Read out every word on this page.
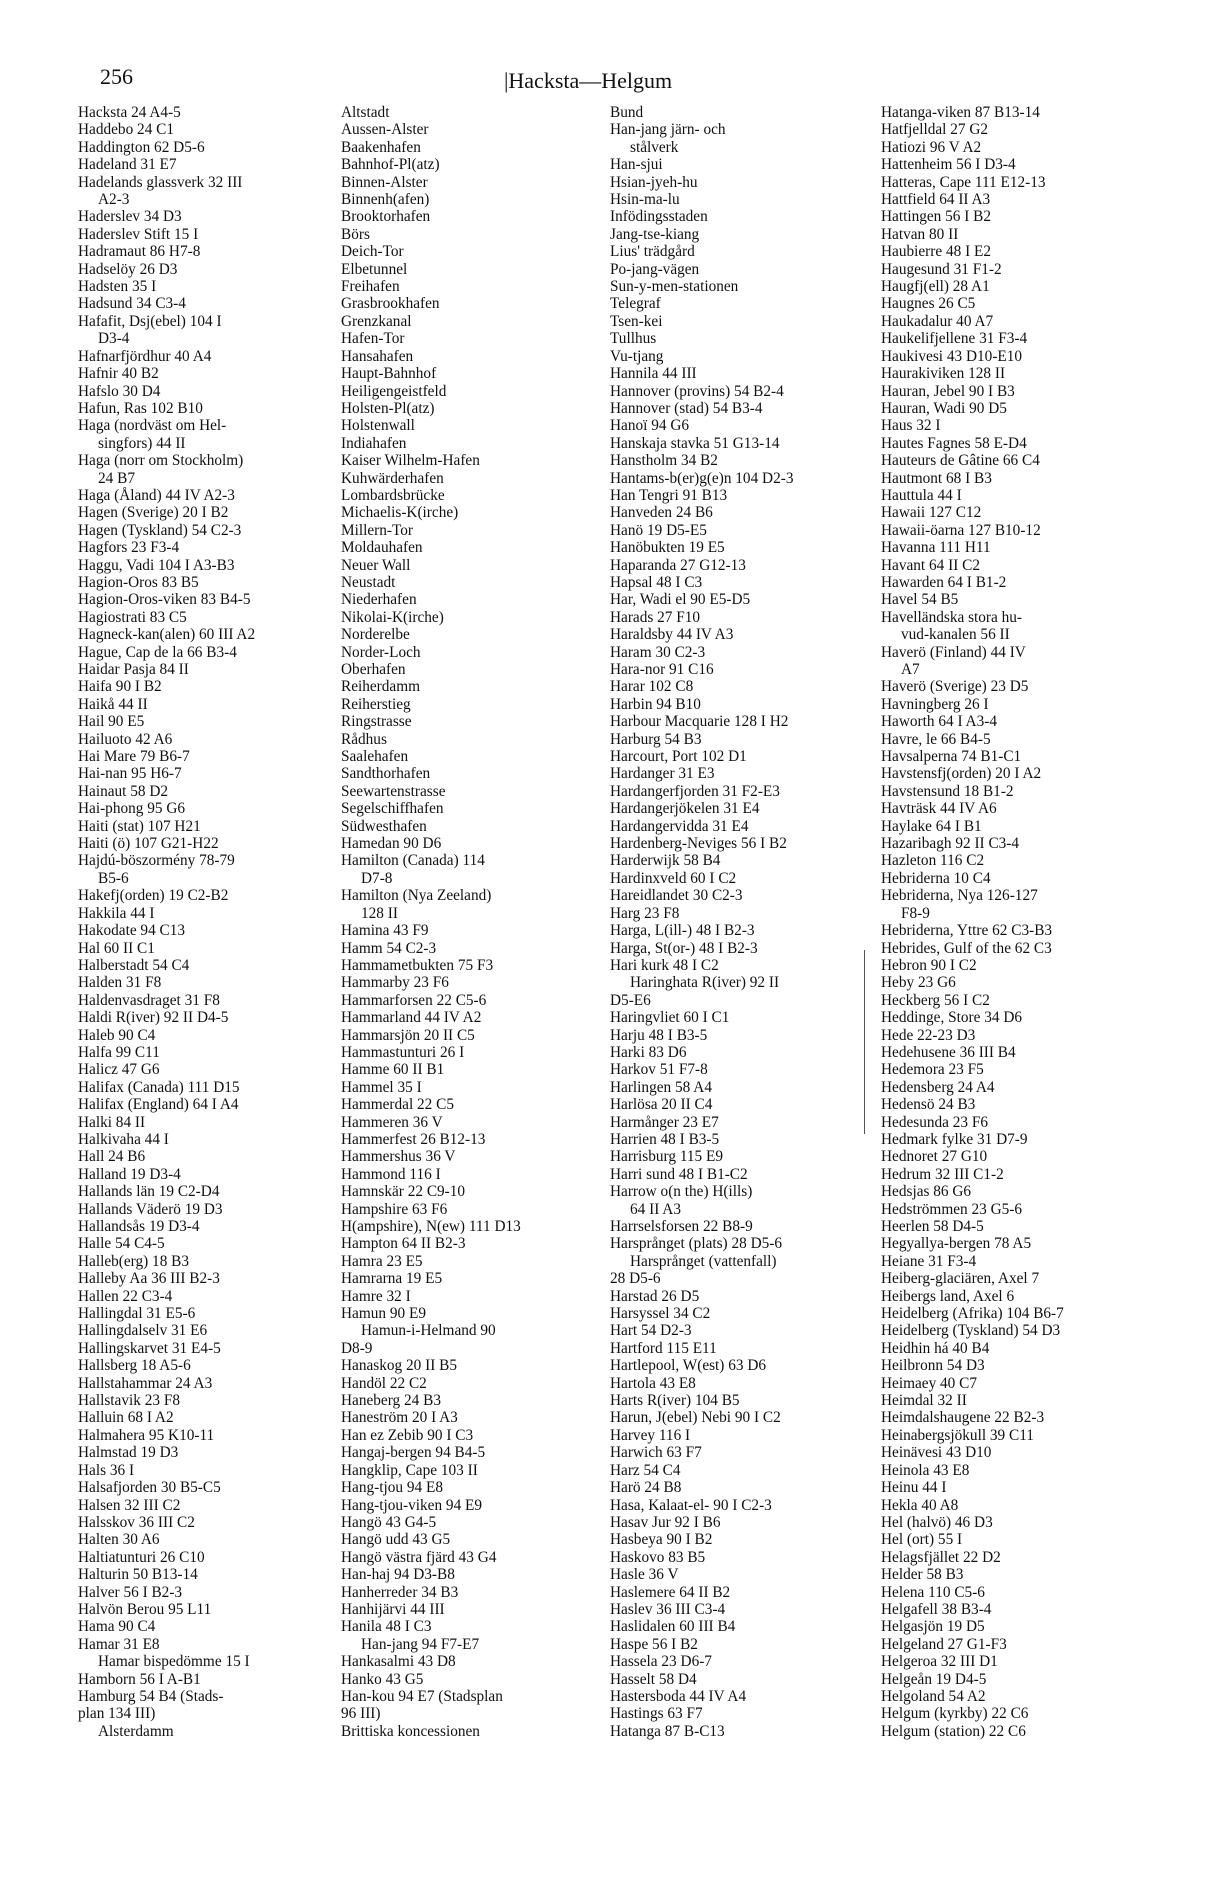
256	|Hacksta—Helgum
Hacksta 24 A4-5
Haddebo 24 C1
Haddington 62 D5-6
Hadeland 31 E7
Hadelands glassverk 32 III
A2-3
Haderslev 34 D3
Haderslev Stift 15 I
Hadramaut 86 H7-8
Hadselöy 26 D3
Hadsten 35 I
Hadsund 34 C3-4
Hafafit, Dsj(ebel) 104 I
D3-4
Hafnarfjördhur 40 A4
Hafnir 40 B2
Hafslo 30 D4
Hafun, Ras 102 B10
Haga (nordväst om Hel-
singfors) 44 II
Haga (norr om Stockholm)
24 B7
Haga (Åland) 44 IV A2-3
Hagen (Sverige) 20 I B2
Hagen (Tyskland) 54 C2-3
Hagfors 23 F3-4
Haggu, Vadi 104 I A3-B3
Hagion-Oros 83 B5
Hagion-Oros-viken 83 B4-5
Hagiostrati 83 C5
Hagneck-kan(alen) 60 III A2
Hague, Cap de la 66 B3-4
Haidar Pasja 84 II
Haifa 90 I B2
Haikå 44 II
Hail 90 E5
Hailuoto 42 A6
Hai Mare 79 B6-7
Hai-nan 95 H6-7
Hainaut 58 D2
Hai-phong 95 G6
Haiti (stat) 107 H21
Haiti (ö) 107 G21-H22
Hajdú-böszormény 78-79
B5-6
Hakefj(orden) 19 C2-B2
Hakkila 44 I
Hakodate 94 C13
Hal 60 II C1
Halberstadt 54 C4
Halden 31 F8
Haldenvasdraget 31 F8
Haldi R(iver) 92 II D4-5
Haleb 90 C4
Halfa 99 C11
Halicz 47 G6
Halifax (Canada) 111 D15
Halifax (England) 64 I A4
Halki 84 II
Halkivaha 44 I
Hall 24 B6
Halland 19 D3-4
Hallands län 19 C2-D4
Hallands Väderö 19 D3
Hallandsås 19 D3-4
Halle 54 C4-5
Halleb(erg) 18 B3
Halleby Aa 36 III B2-3
Hallen 22 C3-4
Hallingdal 31 E5-6
Hallingdalselv 31 E6
Hallingskarvet 31 E4-5
Hallsberg 18 A5-6
Hallstahammar 24 A3
Hallstavik 23 F8
Halluin 68 I A2
Halmahera 95 K10-11
Halmstad 19 D3
Hals 36 I
Halsafjorden 30 B5-C5
Halsen 32 III C2
Halsskov 36 III C2
Halten 30 A6
Haltiatunturi 26 C10
Halturin 50 B13-14
Halver 56 I B2-3
Halvön Berou 95 L11
Hama 90 C4
Hamar 31 E8
Hamar bispedömme 15 I
Hamborn 56 I A-B1
Hamburg 54 B4 (Stads-
plan 134 III)
Alsterdamm
Altstadt
Aussen-Alster
Baakenhafen
Bahnhof-Pl(atz)
Binnen-Alster
Binnenh(afen)
Brooktorhafen
Börs
Deich-Tor
Elbetunnel
Freihafen
Grasbrookhafen
Grenzkanal
Hafen-Tor
Hansahafen
Haupt-Bahnhof
Heiligengeistfeld
Holsten-Pl(atz)
Holstenwall
Indiahafen
Kaiser Wilhelm-Hafen
Kuhwärderhafen
Lombardsbrücke
Michaelis-K(irche)
Millern-Tor
Moldauhafen
Neuer Wall
Neustadt
Niederhafen
Nikolai-K(irche)
Norderelbe
Norder-Loch
Oberhafen
Reiherdamm
Reiherstieg
Ringstrasse
Rådhus
Saalehafen
Sandthorhafen
Seewartenstrasse
Segelschiffhafen
Südwesthafen
Hamedan 90 D6
Hamilton (Canada) 114
D7-8
Hamilton (Nya Zeeland)
128 II
Hamina 43 F9
Hamm 54 C2-3
Hammametbukten 75 F3
Hammarby 23 F6
Hammarforsen 22 C5-6
Hammarland 44 IV A2
Hammarsjön 20 II C5
Hammastunturi 26 I
Hamme 60 II B1
Hammel 35 I
Hammerdal 22 C5
Hammeren 36 V
Hammerfest 26 B12-13
Hammershus 36 V
Hammond 116 I
Hamnskär 22 C9-10
Hampshire 63 F6
H(ampshire), N(ew) 111 D13
Hampton 64 II B2-3
Hamra 23 E5
Hamrarna 19 E5
Hamre 32 I
Hamun 90 E9
Hamun-i-Helmand 90
D8-9
Hanaskog 20 II B5
Handöl 22 C2
Haneberg 24 B3
Haneström 20 I A3
Han ez Zebib 90 I C3
Hangaj-bergen 94 B4-5
Hangklip, Cape 103 II
Hang-tjou 94 E8
Hang-tjou-viken 94 E9
Hangö 43 G4-5
Hangö udd 43 G5
Hangö västra fjärd 43 G4
Han-haj 94 D3-B8
Hanherreder 34 B3
Hanhijärvi 44 III
Hanila 48 I C3
Han-jang 94 F7-E7
Hankasalmi 43 D8
Hanko 43 G5
Han-kou 94 E7 (Stadsplan
96 III)
Brittiska koncessionen
Bund
Han-jang järn- och
stålverk
Han-sjui
Hsian-jyeh-hu
Hsin-ma-lu
Infödingsstaden
Jang-tse-kiang
Lius' trädgård
Po-jang-vägen
Sun-y-men-stationen
Telegraf
Tsen-kei
Tullhus
Vu-tjang
Hannila 44 III
Hannover (provins) 54 B2-4
Hannover (stad) 54 B3-4
Hanoï 94 G6
Hanskaja stavka 51 G13-14
Hanstholm 34 B2
Hantams-b(er)g(e)n 104 D2-3
Han Tengri 91 B13
Hanveden 24 B6
Hanö 19 D5-E5
Hanöbukten 19 E5
Haparanda 27 G12-13
Hapsal 48 I C3
Har, Wadi el 90 E5-D5
Harads 27 F10
Haraldsby 44 IV A3
Haram 30 C2-3
Hara-nor 91 C16
Harar 102 C8
Harbin 94 B10
Harbour Macquarie 128 I H2
Harburg 54 B3
Harcourt, Port 102 D1
Hardanger 31 E3
Hardangerfjorden 31 F2-E3
Hardangerjökelen 31 E4
Hardangervidda 31 E4
Hardenberg-Neviges 56 I B2
Harderwijk 58 B4
Hardinxveld 60 I C2
Hareidlandet 30 C2-3
Harg 23 F8
Harga, L(ill-) 48 I B2-3
Harga, St(or-) 48 I B2-3
Hari kurk 48 I C2
Haringhata R(iver) 92 II
D5-E6
Haringvliet 60 I C1
Harju 48 I B3-5
Harki 83 D6
Harkov 51 F7-8
Harlingen 58 A4
Harlösa 20 II C4
Harmånger 23 E7
Harrien 48 I B3-5
Harrisburg 115 E9
Harri sund 48 I B1-C2
Harrow o(n the) H(ills)
64 II A3
Harrselsforsen 22 B8-9
Harsprånget (plats) 28 D5-6
Harsprånget (vattenfall)
28 D5-6
Harstad 26 D5
Harsyssel 34 C2
Hart 54 D2-3
Hartford 115 E11
Hartlepool, W(est) 63 D6
Hartola 43 E8
Harts R(iver) 104 B5
Harun, J(ebel) Nebi 90 I C2
Harvey 116 I
Harwich 63 F7
Harz 54 C4
Harö 24 B8
Hasa, Kalaat-el- 90 I C2-3
Hasav Jur 92 I B6
Hasbeya 90 I B2
Haskovo 83 B5
Hasle 36 V
Haslemere 64 II B2
Haslev 36 III C3-4
Haslidalen 60 III B4
Haspe 56 I B2
Hassela 23 D6-7
Hasselt 58 D4
Hastersboda 44 IV A4
Hastings 63 F7
Hatanga 87 B-C13
Hatanga-viken 87 B13-14
Hatfjelldal 27 G2
Hatiozi 96 V A2
Hattenheim 56 I D3-4
Hatteras, Cape 111 E12-13
Hattfield 64 II A3
Hattingen 56 I B2
Hatvan 80 II
Haubierre 48 I E2
Haugesund 31 F1-2
Haugfj(ell) 28 A1
Haugnes 26 C5
Haukadalur 40 A7
Haukelifjellene 31 F3-4
Haukivesi 43 D10-E10
Haurakiviken 128 II
Hauran, Jebel 90 I B3
Hauran, Wadi 90 D5
Haus 32 I
Hautes Fagnes 58 E-D4
Hauteurs de Gâtine 66 C4
Hautmont 68 I B3
Hauttula 44 I
Hawaii 127 C12
Hawaii-öarna 127 B10-12
Havanna 111 H11
Havant 64 II C2
Hawarden 64 I B1-2
Havel 54 B5
Havelländska stora hu-
vud-kanalen 56 II
Haverö (Finland) 44 IV
A7
Haverö (Sverige) 23 D5
Havningberg 26 I
Haworth 64 I A3-4
Havre, le 66 B4-5
Havsalperna 74 B1-C1
Havstensfj(orden) 20 I A2
Havstensund 18 B1-2
Havträsk 44 IV A6
Haylake 64 I B1
Hazaribagh 92 II C3-4
Hazleton 116 C2
Hebriderna 10 C4
Hebriderna, Nya 126-127
F8-9
Hebriderna, Yttre 62 C3-B3
Hebrides, Gulf of the 62 C3
Hebron 90 I C2
Heby 23 G6
Heckberg 56 I C2
Heddinge, Store 34 D6
Hede 22-23 D3
Hedehusene 36 III B4
Hedemora 23 F5
Hedensberg 24 A4
Hedensö 24 B3
Hedesunda 23 F6
Hedmark fylke 31 D7-9
Hednoret 27 G10
Hedrum 32 III C1-2
Hedsjas 86 G6
Hedströmmen 23 G5-6
Heerlen 58 D4-5
Hegyallya-bergen 78 A5
Heiane 31 F3-4
Heiberg-glaciären, Axel 7
Heibergs land, Axel 6
Heidelberg (Afrika) 104 B6-7
Heidelberg (Tyskland) 54 D3
Heidhin há 40 B4
Heilbronn 54 D3
Heimaey 40 C7
Heimdal 32 II
Heimdalshaugene 22 B2-3
Heinabergsjökull 39 C11
Heinävesi 43 D10
Heinola 43 E8
Heinu 44 I
Hekla 40 A8
Hel (halvö) 46 D3
Hel (ort) 55 I
Helagsfjället 22 D2
Helder 58 B3
Helena 110 C5-6
Helgafell 38 B3-4
Helgasjön 19 D5
Helgeland 27 G1-F3
Helgeroa 32 III D1
Helgeån 19 D4-5
Helgoland 54 A2
Helgum (kyrkby) 22 C6
Helgum (station) 22 C6
